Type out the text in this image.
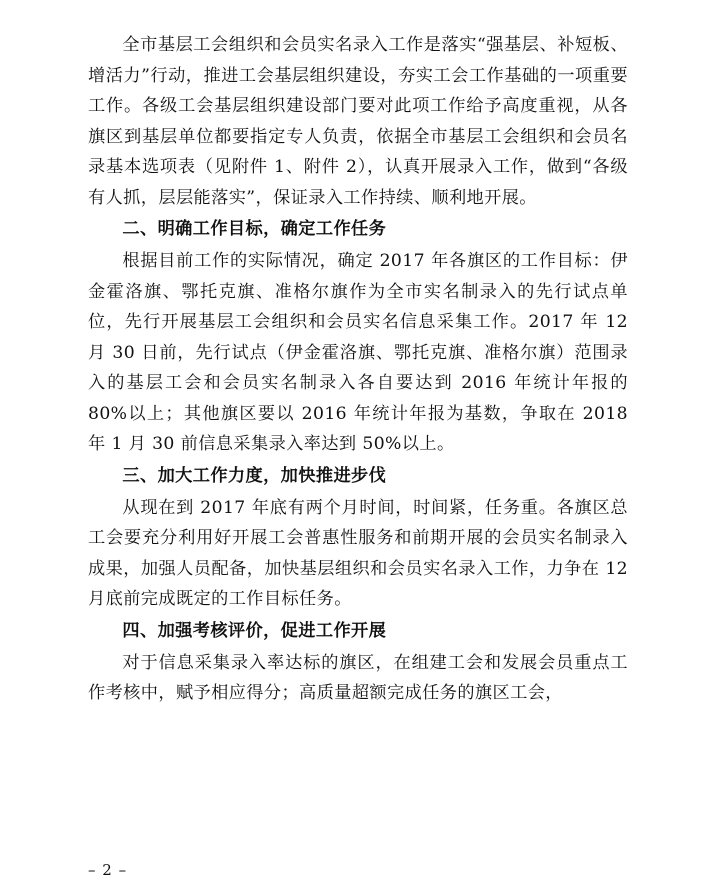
全市基层工会组织和会员实名录入工作是落实“强基层、补短板、增活力”行动，推进工会基层组织建设，夯实工会工作基础的一项重要工作。各级工会基层组织建设部门要对此项工作给予高度重视，从各旗区到基层单位都要指定专人负责，依据全市基层工会组织和会员名录基本选项表（见附件 1、附件 2），认真开展录入工作，做到“各级有人抓，层层能落实”，保证录入工作持续、顺利地开展。

二、明确工作目标，确定工作任务

根据目前工作的实际情况，确定 2017 年各旗区的工作目标：伊金霍洛旗、鄂托克旗、准格尔旗作为全市实名制录入的先行试点单位，先行开展基层工会组织和会员实名信息采集工作。2017 年 12 月 30 日前，先行试点（伊金霍洛旗、鄂托克旗、准格尔旗）范围录入的基层工会和会员实名制录入各自要达到 2016 年统计年报的 80%以上；其他旗区要以 2016 年统计年报为基数，争取在 2018 年 1 月 30 前信息采集录入率达到 50%以上。

三、加大工作力度，加快推进步伐

从现在到 2017 年底有两个月时间，时间紧，任务重。各旗区总工会要充分利用好开展工会普惠性服务和前期开展的会员实名制录入成果，加强人员配备，加快基层组织和会员实名录入工作，力争在 12 月底前完成既定的工作目标任务。

四、加强考核评价，促进工作开展

对于信息采集录入率达标的旗区，在组建工会和发展会员重点工作考核中，赋予相应得分；高质量超额完成任务的旗区工会，

– 2 –
